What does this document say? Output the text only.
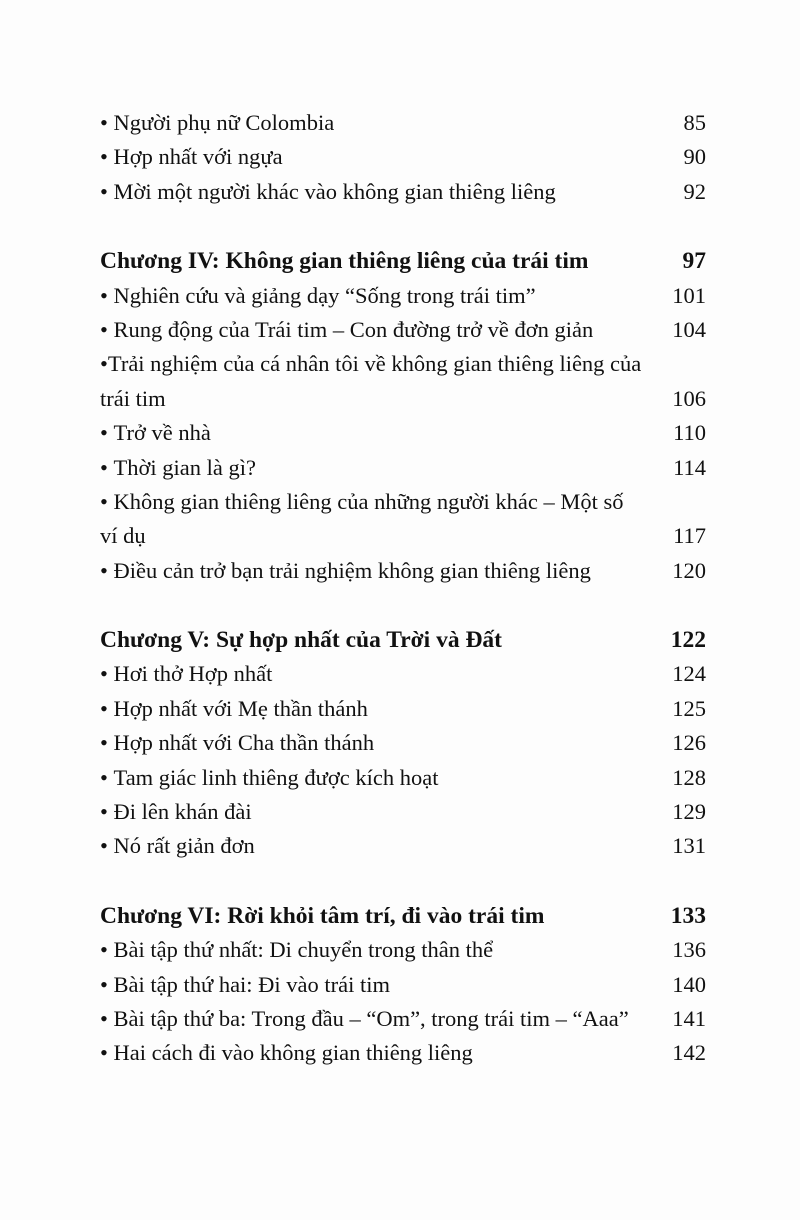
• Người phụ nữ Colombia	85
• Hợp nhất với ngựa	90
• Mời một người khác vào không gian thiêng liêng	92
Chương IV: Không gian thiêng liêng của trái tim	97
• Nghiên cứu và giảng dạy “Sống trong trái tim”	101
• Rung động của Trái tim – Con đường trở về đơn giản	104
•Trải nghiệm của cá nhân tôi về không gian thiêng liêng của
trái tim	106
• Trở về nhà	110
• Thời gian là gì?	114
• Không gian thiêng liêng của những người khác – Một số
ví dụ	117
• Điều cản trở bạn trải nghiệm không gian thiêng liêng	120
Chương V: Sự hợp nhất của Trời và Đất	122
• Hơi thở Hợp nhất	124
• Hợp nhất với Mẹ thần thánh	125
• Hợp nhất với Cha thần thánh	126
• Tam giác linh thiêng được kích hoạt	128
• Đi lên khán đài	129
• Nó rất giản đơn	131
Chương VI: Rời khỏi tâm trí, đi vào trái tim	133
• Bài tập thứ nhất: Di chuyển trong thân thể	136
• Bài tập thứ hai: Đi vào trái tim	140
• Bài tập thứ ba: Trong đầu – “Om”, trong trái tim – “Aaa”	141
• Hai cách đi vào không gian thiêng liêng	142
